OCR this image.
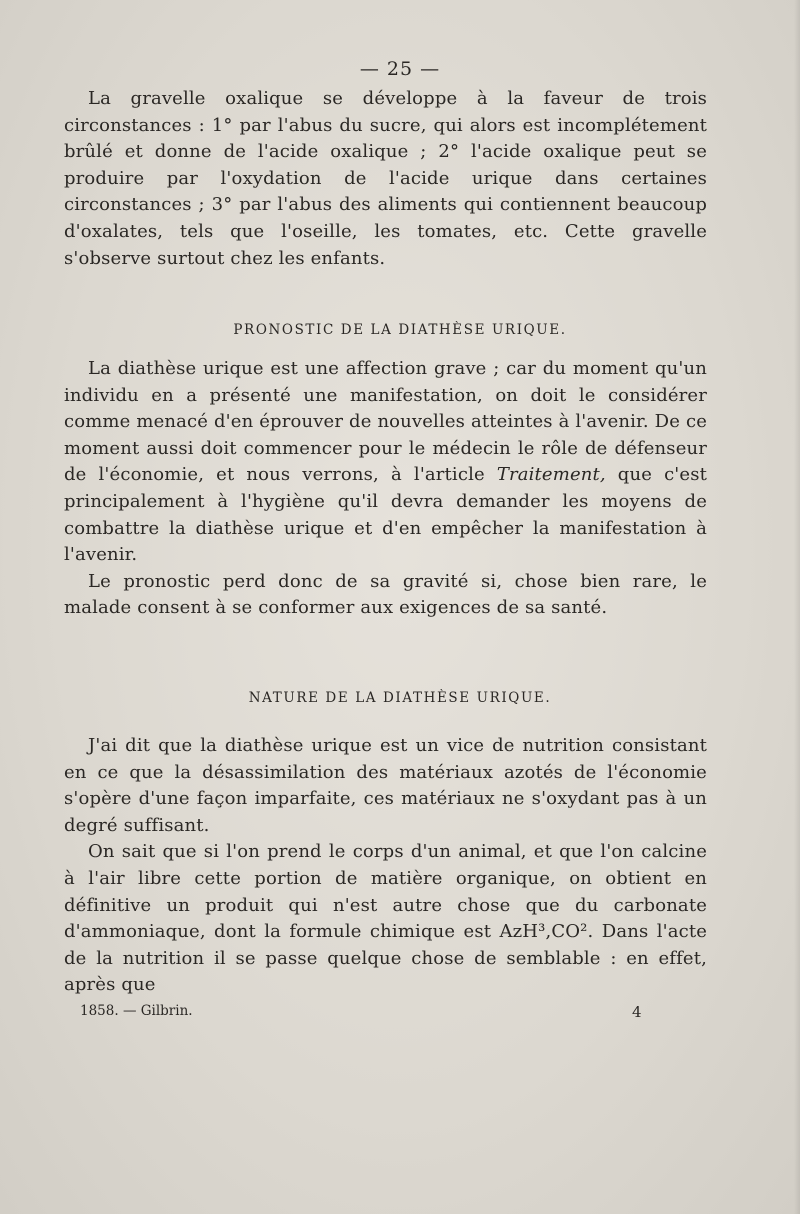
— 25 —

La gravelle oxalique se développe à la faveur de trois circonstances : 1° par l'abus du sucre, qui alors est incomplétement brûlé et donne de l'acide oxalique ; 2° l'acide oxalique peut se produire par l'oxydation de l'acide urique dans certaines circonstances ; 3° par l'abus des aliments qui contiennent beaucoup d'oxalates, tels que l'oseille, les tomates, etc. Cette gravelle s'observe surtout chez les enfants.

PRONOSTIC DE LA DIATHÈSE URIQUE.

La diathèse urique est une affection grave ; car du moment qu'un individu en a présenté une manifestation, on doit le considérer comme menacé d'en éprouver de nouvelles atteintes à l'avenir. De ce moment aussi doit commencer pour le médecin le rôle de défenseur de l'économie, et nous verrons, à l'article Traitement, que c'est principalement à l'hygiène qu'il devra demander les moyens de combattre la diathèse urique et d'en empêcher la manifestation à l'avenir.

Le pronostic perd donc de sa gravité si, chose bien rare, le malade consent à se conformer aux exigences de sa santé.

NATURE DE LA DIATHÈSE URIQUE.

J'ai dit que la diathèse urique est un vice de nutrition consistant en ce que la désassimilation des matériaux azotés de l'économie s'opère d'une façon imparfaite, ces matériaux ne s'oxydant pas à un degré suffisant.

On sait que si l'on prend le corps d'un animal, et que l'on calcine à l'air libre cette portion de matière organique, on obtient en définitive un produit qui n'est autre chose que du carbonate d'ammoniaque, dont la formule chimique est AzH³,CO². Dans l'acte de la nutrition il se passe quelque chose de semblable : en effet, après que

1858. — Gilbrin.	4
